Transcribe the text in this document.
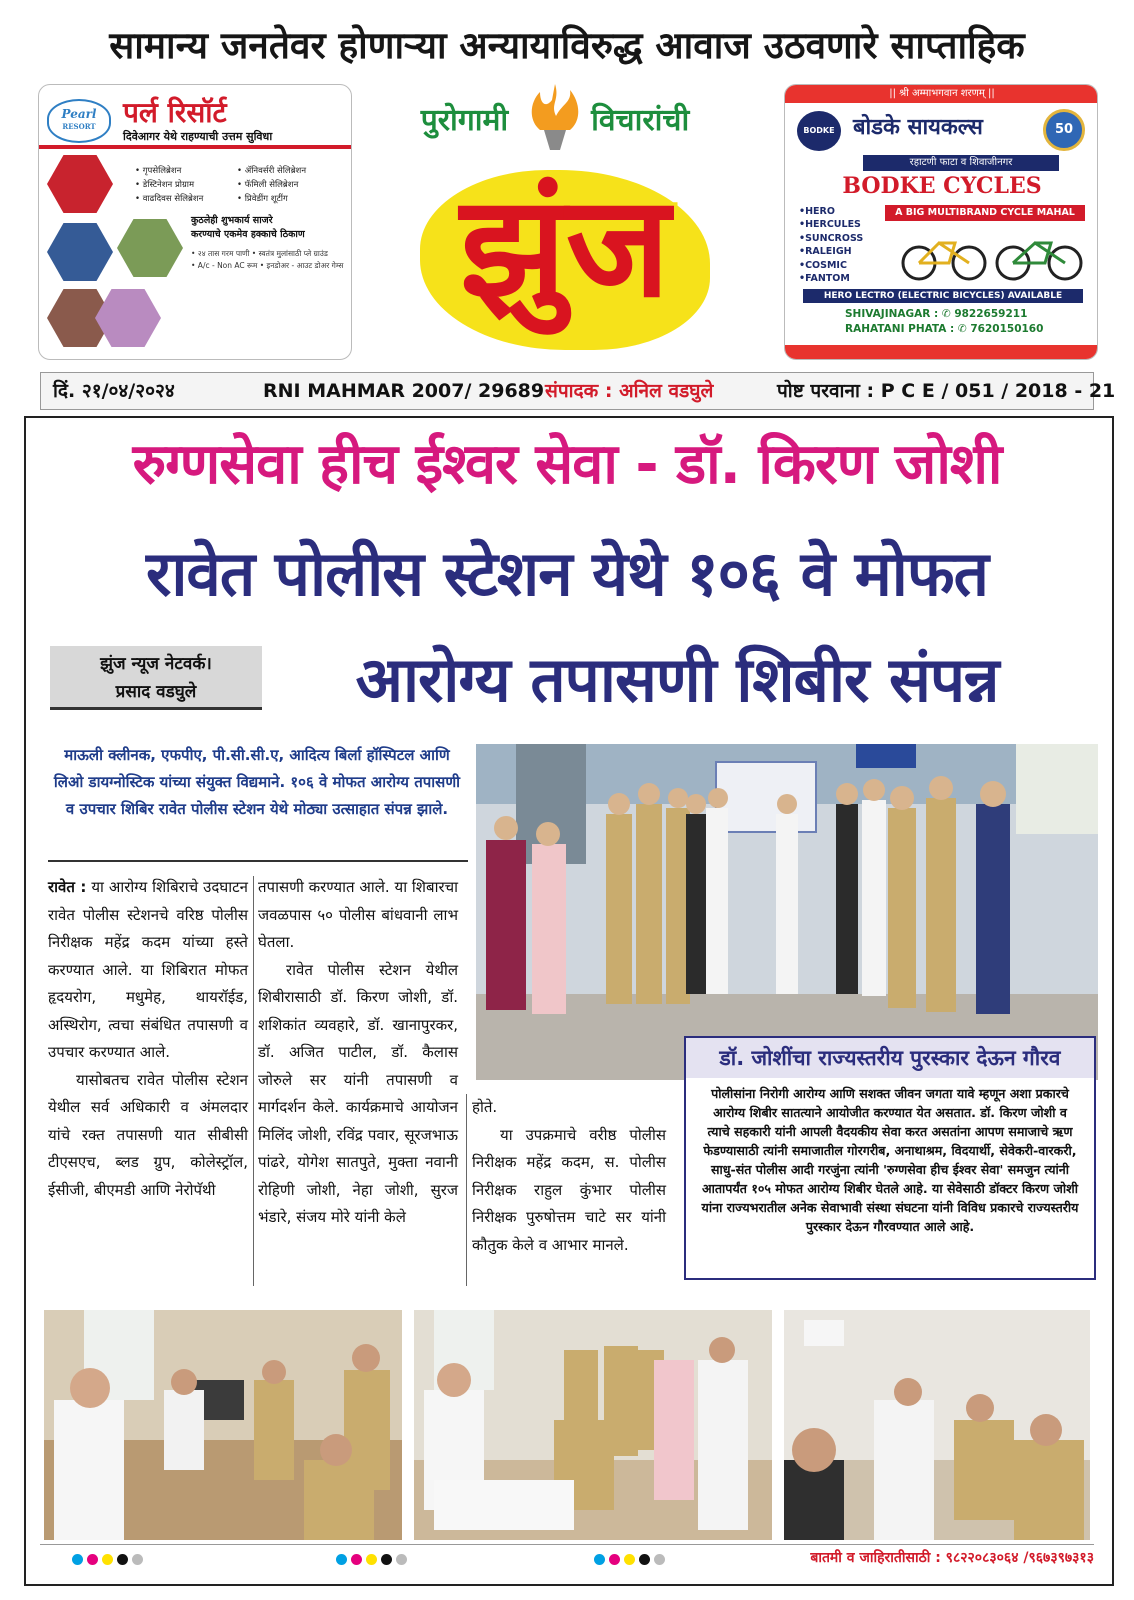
सामान्य जनतेवर होणाऱ्या अन्यायाविरुद्ध आवाज उठवणारे साप्ताहिक
Pearl
RESORT पर्ल रिसॉर्ट
दिवेआगर येथे राहण्याची उत्तम सुविधा
• गृपसेलिब्रेशन	• ॲनिवर्सरी सेलिब्रेशन
• डेस्टिनेशन प्रोग्राम	• फॅमिली सेलिब्रेशन
• वाढदिवस सेलिब्रेशन	• प्रिवेडींग शूटींग
कुठलेही शुभकार्य साजरे
करण्याचे एकमेव हक्काचे ठिकाण
• २४ तास गरम पाणी • स्वतंत्र मुलांसाठी प्ले ग्राउंड
• A/c - Non AC रूम • इनडोअर - आउट डोअर गेम्स
पुरोगामी	विचारांची
झुंज
|| श्री अम्माभगवान शरणम् ||
BODKE बोडके सायकल्स	50
रहाटणी फाटा व शिवाजीनगर
BODKE CYCLES
•HERO
•HERCULES
•SUNCROSS
•RALEIGH
•COSMIC
•FANTOM
A BIG MULTIBRAND CYCLE MAHAL
HERO LECTRO (ELECTRIC BICYCLES) AVAILABLE
SHIVAJINAGAR : ✆ 9822659211
RAHATANI PHATA : ✆ 7620150160
दिं. २१/०४/२०२४	RNI MAHMAR 2007/ 29689 संपादक : अनिल वडघुले	पोष्ट परवाना : P C E / 051 / 2018 - 21
रुग्णसेवा हीच ईश्वर सेवा - डॉ. किरण जोशी
रावेत पोलीस स्टेशन येथे १०६ वे मोफत
झुंज न्यूज नेटवर्क।
प्रसाद वडघुले	आरोग्य तपासणी शिबीर संपन्न
माऊली क्लीनक, एफपीए, पी.सी.सी.ए, आदित्य बिर्ला हॉस्पिटल आणि लिओ डायग्नोस्टिक यांच्या संयुक्त विद्यमाने. १०६ वे मोफत आरोग्य तपासणी व उपचार शिबिर रावेत पोलीस स्टेशन येथे मोठ्या उत्साहात संपन्न झाले.
रावेत : या आरोग्य शिबिराचे उदघाटन रावेत पोलीस स्टेशनचे वरिष्ठ पोलीस निरीक्षक महेंद्र कदम यांच्या हस्ते करण्यात आले. या शिबिरात मोफत हृदयरोग, मधुमेह, थायरॉईड, अस्थिरोग, त्वचा संबंधित तपासणी व उपचार करण्यात आले.
यासोबतच रावेत पोलीस स्टेशन येथील सर्व अधिकारी व अंमलदार यांचे रक्त तपासणी यात सीबीसी टीएसएच, ब्लड ग्रुप, कोलेस्ट्रॉल, ईसीजी, बीएमडी आणि नेरोपॅथी
तपासणी करण्यात आले. या शिबारचा जवळपास ५० पोलीस बांधवानी लाभ घेतला.
रावेत पोलीस स्टेशन येथील शिबीरासाठी डॉ. किरण जोशी, डॉ. शशिकांत व्यवहारे, डॉ. खानापुरकर, डॉ. अजित पाटील, डॉ. कैलास जोरुले सर यांनी तपासणी व मार्गदर्शन केले. कार्यक्रमाचे आयोजन मिलिंद जोशी, रविंद्र पवार, सूरजभाऊ पांढरे, योगेश सातपुते, मुक्ता नवानी रोहिणी जोशी, नेहा जोशी, सुरज भंडारे, संजय मोरे यांनी केले
होते.
या उपक्रमाचे वरीष्ठ पोलीस निरीक्षक महेंद्र कदम, स. पोलीस निरीक्षक राहुल कुंभार पोलीस निरीक्षक पुरुषोत्तम चाटे सर यांनी कौतुक केले व आभार मानले.
डॉ. जोशींचा राज्यस्तरीय पुरस्कार देऊन गौरव
पोलीसांना निरोगी आरोग्य आणि सशक्त जीवन जगता यावे म्हणून अशा प्रकारचे आरोग्य शिबीर सातत्याने आयोजीत करण्यात येत असतात. डॉ. किरण जोशी व त्याचे सहकारी यांनी आपली वैदयकीय सेवा करत असतांना आपण समाजाचे ऋण फेडण्यासाठी त्यांनी समाजातील गोरगरीब, अनाथाश्रम, विदयार्थी, सेवेकरी-वारकरी, साधु-संत पोलीस आदी गरजुंना त्यांनी 'रुग्णसेवा हीच ईश्वर सेवा' समजुन त्यांनी आतापर्यंत १०५ मोफत आरोग्य शिबीर घेतले आहे. या सेवेसाठी डॉक्टर किरण जोशी यांना राज्यभरातील अनेक सेवाभावी संस्था संघटना यांनी विविध प्रकारचे राज्यस्तरीय पुरस्कार देऊन गौरवण्यात आले आहे.
बातमी व जाहिरातीसाठी : ९८२२०८३०६४ /९६७३९७३१३
